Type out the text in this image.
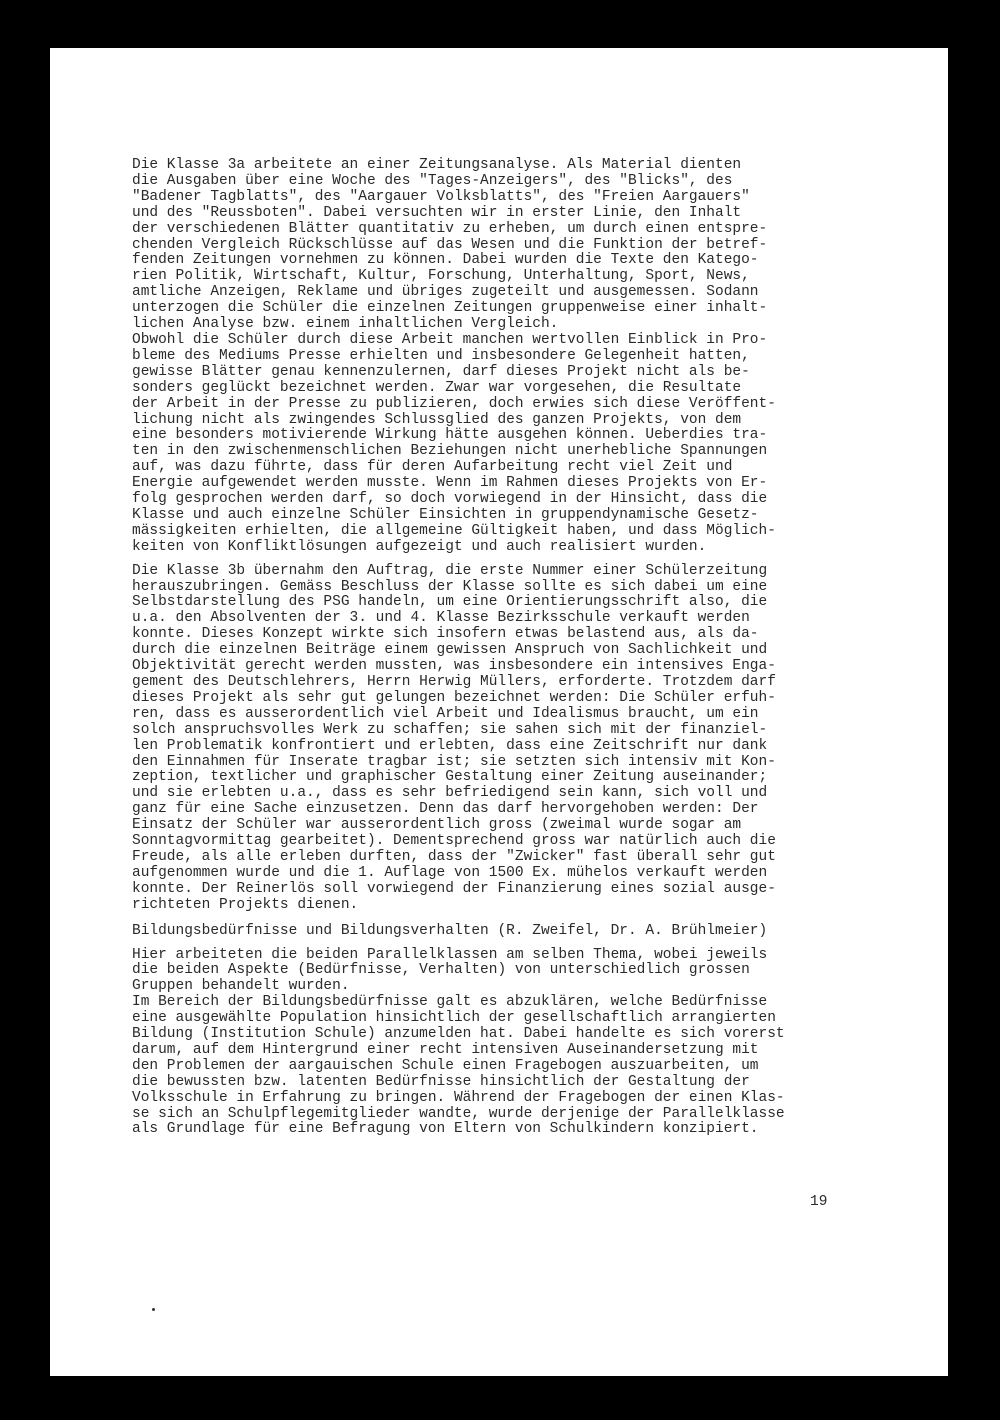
Die Klasse 3a arbeitete an einer Zeitungsanalyse. Als Material dienten

die Ausgaben über eine Woche des "Tages-Anzeigers", des "Blicks", des

"Badener Tagblatts", des "Aargauer Volksblatts", des "Freien Aargauers"

und des "Reussboten". Dabei versuchten wir in erster Linie, den Inhalt

der verschiedenen Blätter quantitativ zu erheben, um durch einen entspre-

chenden Vergleich Rückschlüsse auf das Wesen und die Funktion der betref-

fenden Zeitungen vornehmen zu können. Dabei wurden die Texte den Katego-

rien Politik, Wirtschaft, Kultur, Forschung, Unterhaltung, Sport, News,

amtliche Anzeigen, Reklame und übriges zugeteilt und ausgemessen. Sodann

unterzogen die Schüler die einzelnen Zeitungen gruppenweise einer inhalt-

lichen Analyse bzw. einem inhaltlichen Vergleich.

Obwohl die Schüler durch diese Arbeit manchen wertvollen Einblick in Pro-

bleme des Mediums Presse erhielten und insbesondere Gelegenheit hatten,

gewisse Blätter genau kennenzulernen, darf dieses Projekt nicht als be-

sonders geglückt bezeichnet werden. Zwar war vorgesehen, die Resultate

der Arbeit in der Presse zu publizieren, doch erwies sich diese Veröffent-

lichung nicht als zwingendes Schlussglied des ganzen Projekts, von dem

eine besonders motivierende Wirkung hätte ausgehen können. Ueberdies tra-

ten in den zwischenmenschlichen Beziehungen nicht unerhebliche Spannungen

auf, was dazu führte, dass für deren Aufarbeitung recht viel Zeit und

Energie aufgewendet werden musste. Wenn im Rahmen dieses Projekts von Er-

folg gesprochen werden darf, so doch vorwiegend in der Hinsicht, dass die

Klasse und auch einzelne Schüler Einsichten in gruppendynamische Gesetz-

mässigkeiten erhielten, die allgemeine Gültigkeit haben, und dass Möglich-

keiten von Konfliktlösungen aufgezeigt und auch realisiert wurden.

Die Klasse 3b übernahm den Auftrag, die erste Nummer einer Schülerzeitung

herauszubringen. Gemäss Beschluss der Klasse sollte es sich dabei um eine

Selbstdarstellung des PSG handeln, um eine Orientierungsschrift also, die

u.a. den Absolventen der 3. und 4. Klasse Bezirksschule verkauft werden

konnte. Dieses Konzept wirkte sich insofern etwas belastend aus, als da-

durch die einzelnen Beiträge einem gewissen Anspruch von Sachlichkeit und

Objektivität gerecht werden mussten, was insbesondere ein intensives Enga-

gement des Deutschlehrers, Herrn Herwig Müllers, erforderte. Trotzdem darf

dieses Projekt als sehr gut gelungen bezeichnet werden: Die Schüler erfuh-

ren, dass es ausserordentlich viel Arbeit und Idealismus braucht, um ein

solch anspruchsvolles Werk zu schaffen; sie sahen sich mit der finanziel-

len Problematik konfrontiert und erlebten, dass eine Zeitschrift nur dank

den Einnahmen für Inserate tragbar ist; sie setzten sich intensiv mit Kon-

zeption, textlicher und graphischer Gestaltung einer Zeitung auseinander;

und sie erlebten u.a., dass es sehr befriedigend sein kann, sich voll und

ganz für eine Sache einzusetzen. Denn das darf hervorgehoben werden: Der

Einsatz der Schüler war ausserordentlich gross (zweimal wurde sogar am

Sonntagvormittag gearbeitet). Dementsprechend gross war natürlich auch die

Freude, als alle erleben durften, dass der "Zwicker" fast überall sehr gut

aufgenommen wurde und die 1. Auflage von 1500 Ex. mühelos verkauft werden

konnte. Der Reinerlös soll vorwiegend der Finanzierung eines sozial ausge-

richteten Projekts dienen.

Bildungsbedürfnisse und Bildungsverhalten (R. Zweifel, Dr. A. Brühlmeier)

Hier arbeiteten die beiden Parallelklassen am selben Thema, wobei jeweils

die beiden Aspekte (Bedürfnisse, Verhalten) von unterschiedlich grossen

Gruppen behandelt wurden.

Im Bereich der Bildungsbedürfnisse galt es abzuklären, welche Bedürfnisse

eine ausgewählte Population hinsichtlich der gesellschaftlich arrangierten

Bildung (Institution Schule) anzumelden hat. Dabei handelte es sich vorerst

darum, auf dem Hintergrund einer recht intensiven Auseinandersetzung mit

den Problemen der aargauischen Schule einen Fragebogen auszuarbeiten, um

die bewussten bzw. latenten Bedürfnisse hinsichtlich der Gestaltung der

Volksschule in Erfahrung zu bringen. Während der Fragebogen der einen Klas-

se sich an Schulpflegemitglieder wandte, wurde derjenige der Parallelklasse

als Grundlage für eine Befragung von Eltern von Schulkindern konzipiert.

19
